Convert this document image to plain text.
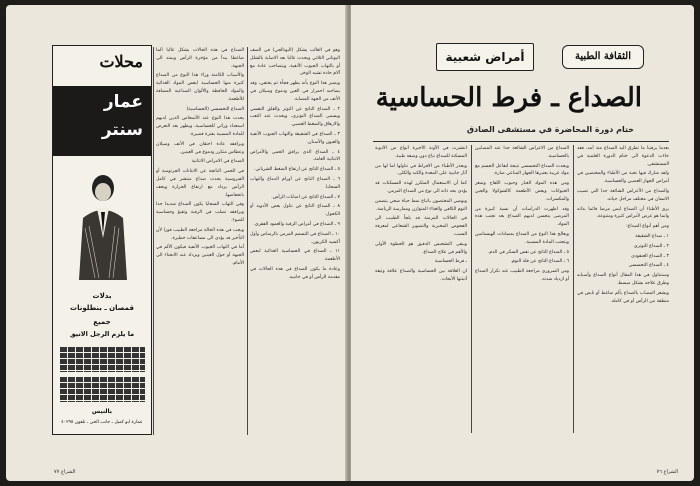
وهو في الغالب يشكل (اليونالجي) في الصف اليوناني الثلاثي ويحدث غالبا بعد الاصابة بالشلل أو بالتهاب الجيوب الأنفية، ويتصاحب عادة مع آلام حادة تشبه الوخز.

ويتميز هذا النوع بأنه يظهر فجأة ثم يختفي، وقد يصاحبه احمرار في العين ودموع وسيلان في الأنف من الجهة المصابة.

٢ ـ الصداع الناتج عن التوتر والقلق النفسي ويسمى الصداع التوتري، ويحدث عند التعب والارهاق والضغط العصبي.

٣ ـ الصداع في الشقيقة والتهاب الجيوب الأنفية والعيون والأسنان.

٤ ـ الصداع الذي يرافق الحمى والأمراض الانتانية العامة.

٥ ـ الصداع الناتج عن ارتفاع الضغط الشرياني.

٦ ـ الصداع الناتج عن أورام الدماغ والتهاب السحايا.

٧ ـ الصداع الناتج عن اصابات الرأس.

٨ ـ الصداع الناتج عن تناول بعض الأدوية أو الكحول.

٩ ـ الصداع في أمراض الرقبة والعمود الفقري.

١٠ ـ الصداع في التسمم المزمن بالرصاص وأول أكسيد الكربون.

١١ ـ الصداع في الحساسية الغذائية لبعض الأطعمة.

وعادة ما يكون الصداع في هذه الحالات في مقدمة الرأس أو في جانبيه.

الصداع في هذه الحالات يشكل غالبا ألما ضاغطا يبدأ من مؤخرة الرأس ويمتد الى الجبهة.

والأسباب الكامنة وراء هذا النوع من الصداع كثيرة منها الحساسية لبعض المواد الغذائية والمواد الحافظة والألوان الصناعية المضافة للأطعمة.

الصداع التحسسي (الحساسية)

يحدث هذا النوع عند الأشخاص الذين لديهم استعداد وراثي للحساسية، ويظهر بعد التعرض للمادة المسببة بفترة قصيرة.

ويرافقه عادة احتقان في الأنف وسيلان وعطاس متكرر ودموع في العينين.

الصداع في الامراض الانتانية

في الحمى الناتجة عن الانتانات الجرثومية أو الفيروسية يحدث صداع منتشر في كامل الرأس يزداد مع ارتفاع الحرارة ويخف بانخفاضها.

وفي التهاب السحايا يكون الصداع شديدا جدا ويرافقه تصلب في الرقبة وتقيؤ وحساسية للضوء.

ويجب في هذه الحالة مراجعة الطبيب فورا لأن التأخير قد يؤدي الى مضاعفات خطيرة.

أما في التهاب الجيوب الأنفية فيكون الألم في الجبهة أو حول العينين ويزداد عند الانحناء الى الأمام.

محلات
عمار
سنتر
بدلات
قمصان ـ بنطلونات
جميع
ما يلزم الرجل الانيق
بالنيس
عمارة ابو كميل ـ جانب الحي ـ تلفون ٤٠٢٩٥
الشراع ٧٧
الثقافة الطبية
أمراض شعبية
الصداع ـ فرط الحساسية
ختام دورة المحاضرة في مستشفى الصادق

بعدما يرقبنا ما تطرق اليه الصداع منذ أمد، فقد جاءت الدعوة الى ختام الدورة العلمية في المستشفى.

ولقد شارك فيها نخبة من الأطباء والمختصين في أمراض الجهاز العصبي والحساسية.

والصداع من الأعراض الشائعة جدا التي تصيب الانسان في مختلف مراحل حياته.

يرى الأطباء أن الصداع ليس مرضا قائما بذاته وانما هو عرض لأمراض كثيرة ومتنوعة.

ومن أهم أنواع الصداع:

١ ـ صداع الشقيقة

٢ ـ الصداع التوتري

٣ ـ الصداع العنقودي

٤ ـ الصداع التحسسي

وسنتناول في هذا المقال أنواع الصداع وأسبابه وطرق علاجه بشكل مبسط.

ويشعر المصاب بالصداع بألم ضاغط أو نابض في منطقة من الرأس أو في كامله.

الصداع من الاعراض الشائعة جدا عند المصابين بالحساسية.

ويحدث الصداع التحسسي نتيجة لتفاعل الجسم مع مواد غريبة يعتبرها الجهاز المناعي ضارة.

ومن هذه المواد الغبار وحبوب اللقاح وشعر الحيوانات وبعض الأطعمة كالشوكولا والجبن والمكسرات.

وقد اظهرت الدراسات أن نسبة كبيرة من المرضى يتحسن لديهم الصداع بعد تجنب هذه المواد.

ويعالج هذا النوع من الصداع بمضادات الهيستامين وبتجنب المادة المسببة.

٥ ـ الصداع الناتج عن نقص السكر في الدم.

٦ ـ الصداع الناتج عن قلة النوم.

ومن الضروري مراجعة الطبيب عند تكرار الصداع أو ازدياد شدته.

انتشرت في الآونة الأخيرة أنواع من الأدوية المسكنة للصداع تباع دون وصفة طبية.

ويحذر الأطباء من الافراط في تناولها لما لها من آثار جانبية على المعدة والكبد والكلى.

كما أن الاستعمال المتكرر لهذه المسكنات قد يؤدي بحد ذاته الى نوع من الصداع المزمن.

ويوصي المختصون باتباع نمط حياة صحي يتضمن النوم الكافي والغذاء المتوازن وممارسة الرياضة.

في الحالات المزمنة قد يلجأ الطبيب الى الفحوص المخبرية والتصوير الشعاعي لمعرفة السبب.

ويبقى التشخيص الدقيق هو الخطوة الأولى والأهم في علاج الصداع.

ـ فرط الحساسية

ان العلاقة بين الحساسية والصداع علاقة وثيقة أثبتتها الأبحاث.

الشراع ٧٦
